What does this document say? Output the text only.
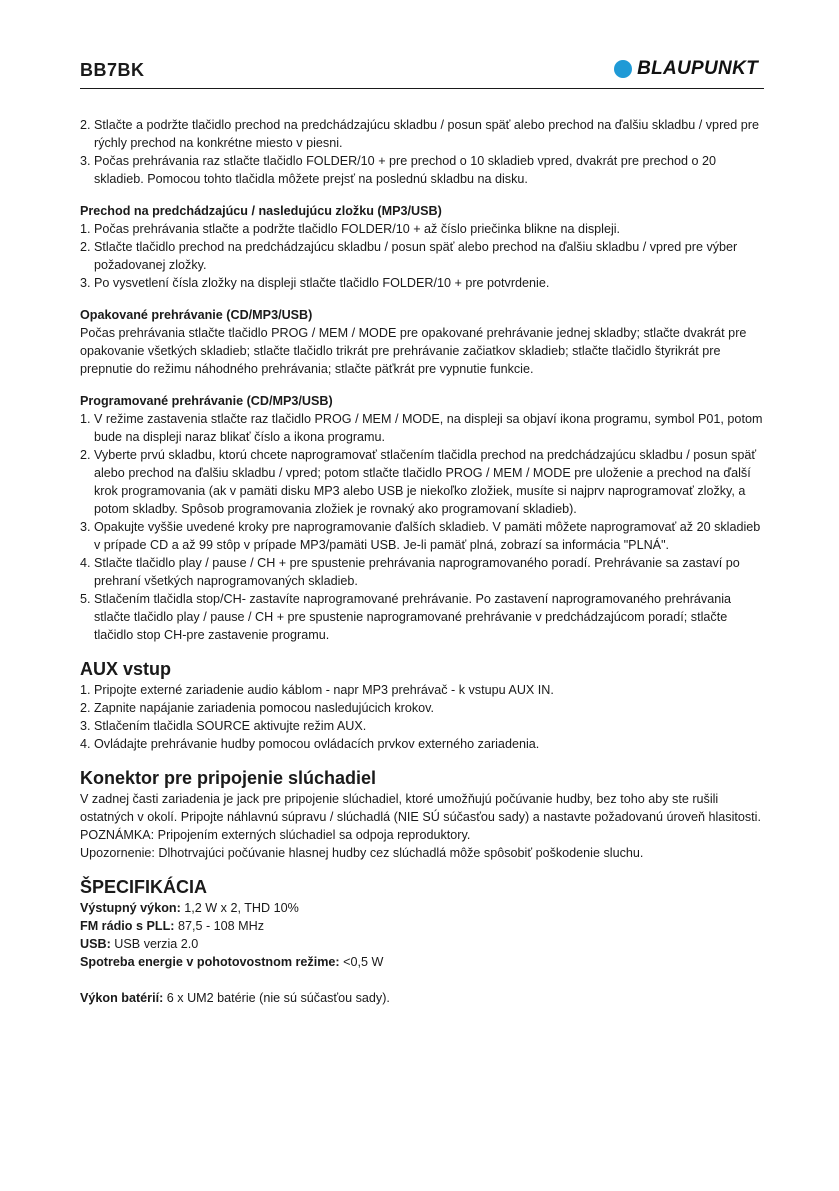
BB7BK	BLAUPUNKT
2. Stlačte a podržte tlačidlo prechod na predchádzajúcu skladbu / posun späť alebo prechod na ďalšiu skladbu / vpred pre rýchly prechod na konkrétne miesto v piesni.
3. Počas prehrávania raz stlačte tlačidlo FOLDER/10 + pre prechod o 10 skladieb vpred, dvakrát pre prechod o 20 skladieb. Pomocou tohto tlačidla môžete prejsť na poslednú skladbu na disku.
Prechod na predchádzajúcu / nasledujúcu zložku (MP3/USB)
1. Počas prehrávania stlačte a podržte tlačidlo FOLDER/10 + až číslo priečinka blikne na displeji.
2. Stlačte tlačidlo prechod na predchádzajúcu skladbu / posun späť alebo prechod na ďalšiu skladbu / vpred pre výber požadovanej zložky.
3. Po vysvetlení čísla zložky na displeji stlačte tlačidlo FOLDER/10 + pre potvrdenie.
Opakované prehrávanie (CD/MP3/USB)

Počas prehrávania stlačte tlačidlo PROG / MEM / MODE pre opakované prehrávanie jednej skladby; stlačte dvakrát pre opakovanie všetkých skladieb; stlačte tlačidlo trikrát pre prehrávanie začiatkov skladieb; stlačte tlačidlo štyrikrát pre prepnutie do režimu náhodného prehrávania; stlačte päťkrát pre vypnutie funkcie.

Programované prehrávanie (CD/MP3/USB)
1. V režime zastavenia stlačte raz tlačidlo PROG / MEM / MODE, na displeji sa objaví ikona programu, symbol P01, potom bude na displeji naraz blikať číslo a ikona programu.
2. Vyberte prvú skladbu, ktorú chcete naprogramovať stlačením tlačidla prechod na predchádzajúcu skladbu / posun späť alebo prechod na ďalšiu skladbu / vpred; potom stlačte tlačidlo PROG / MEM / MODE pre uloženie a prechod na ďalší krok programovania (ak v pamäti disku MP3 alebo USB je niekoľko zložiek, musíte si najprv naprogramovať zložky, a potom skladby. Spôsob programovania zložiek je rovnaký ako programovaní skladieb).
3. Opakujte vyššie uvedené kroky pre naprogramovanie ďalších skladieb. V pamäti môžete naprogramovať až 20 skladieb v prípade CD a až 99 stôp v prípade MP3/pamäti USB. Je-li pamäť plná, zobrazí sa informácia "PLNÁ".
4. Stlačte tlačidlo play / pause / CH + pre spustenie prehrávania naprogramovaného poradí. Prehrávanie sa zastaví po prehraní všetkých naprogramovaných skladieb.
5. Stlačením tlačidla stop/CH- zastavíte naprogramované prehrávanie. Po zastavení naprogramovaného prehrávania stlačte tlačidlo play / pause / CH + pre spustenie naprogramované prehrávanie v predchádzajúcom poradí; stlačte tlačidlo stop CH-pre zastavenie programu.
AUX vstup
1. Pripojte externé zariadenie audio káblom - napr MP3 prehrávač - k vstupu AUX IN.
2. Zapnite napájanie zariadenia pomocou nasledujúcich krokov.
3. Stlačením tlačidla SOURCE aktivujte režim AUX.
4. Ovládajte prehrávanie hudby pomocou ovládacích prvkov externého zariadenia.
Konektor pre pripojenie slúchadiel

V zadnej časti zariadenia je jack pre pripojenie slúchadiel, ktoré umožňujú počúvanie hudby, bez toho aby ste rušili ostatných v okolí. Pripojte náhlavnú súpravu / slúchadlá (NIE SÚ súčasťou sady) a nastavte požadovanú úroveň hlasitosti.

POZNÁMKA: Pripojením externých slúchadiel sa odpoja reproduktory.

Upozornenie: Dlhotrvajúci počúvanie hlasnej hudby cez slúchadlá môže spôsobiť poškodenie sluchu.

ŠPECIFIKÁCIA

Výstupný výkon: 1,2 W x 2, THD 10%

FM rádio s PLL: 87,5 - 108 MHz

USB: USB verzia 2.0

Spotreba energie v pohotovostnom režime: <0,5 W

Výkon batérií: 6 x UM2 batérie (nie sú súčasťou sady).
